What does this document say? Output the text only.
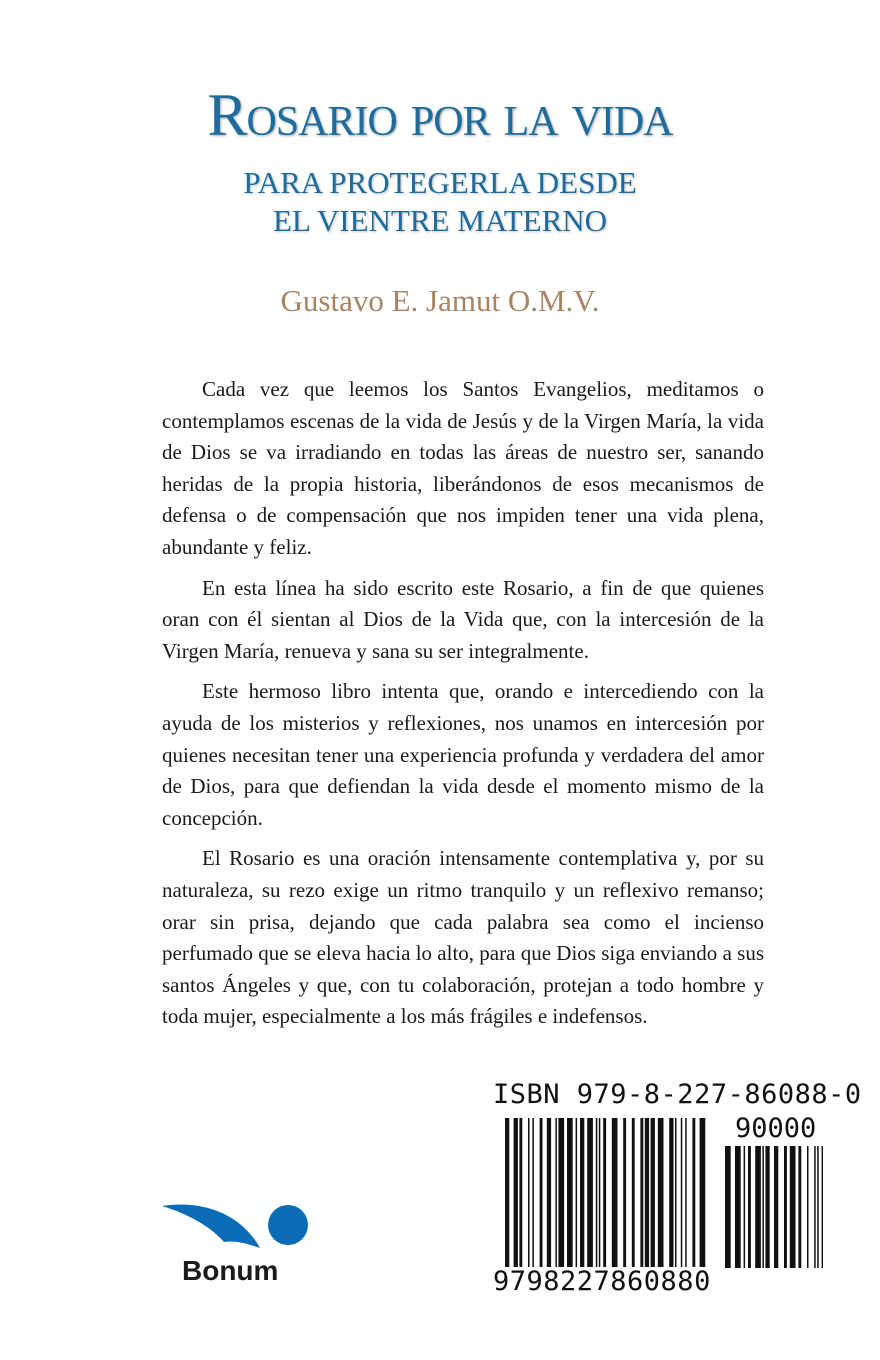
Rosario por la vida
PARA PROTEGERLA DESDE
EL VIENTRE MATERNO
Gustavo E. Jamut O.M.V.

Cada vez que leemos los Santos Evangelios, meditamos o contemplamos escenas de la vida de Jesús y de la Virgen María, la vida de Dios se va irradiando en todas las áreas de nuestro ser, sanando heridas de la propia historia, liberándonos de esos mecanismos de defensa o de compensación que nos impiden tener una vida plena, abundante y feliz.

En esta línea ha sido escrito este Rosario, a fin de que quienes oran con él sientan al Dios de la Vida que, con la intercesión de la Virgen María, renueva y sana su ser integralmente.

Este hermoso libro intenta que, orando e intercediendo con la ayuda de los misterios y reflexiones, nos unamos en intercesión por quienes necesitan tener una experiencia profunda y verdadera del amor de Dios, para que defiendan la vida desde el momento mismo de la concepción.

El Rosario es una oración intensamente contemplativa y, por su naturaleza, su rezo exige un ritmo tranquilo y un reflexivo remanso; orar sin prisa, dejando que cada palabra sea como el incienso perfumado que se eleva hacia lo alto, para que Dios siga enviando a sus santos Ángeles y que, con tu colaboración, protejan a todo hombre y toda mujer, especialmente a los más frágiles e indefensos.

Bonum
ISBN 979-8-227-86088-0
90000
9798227860880
